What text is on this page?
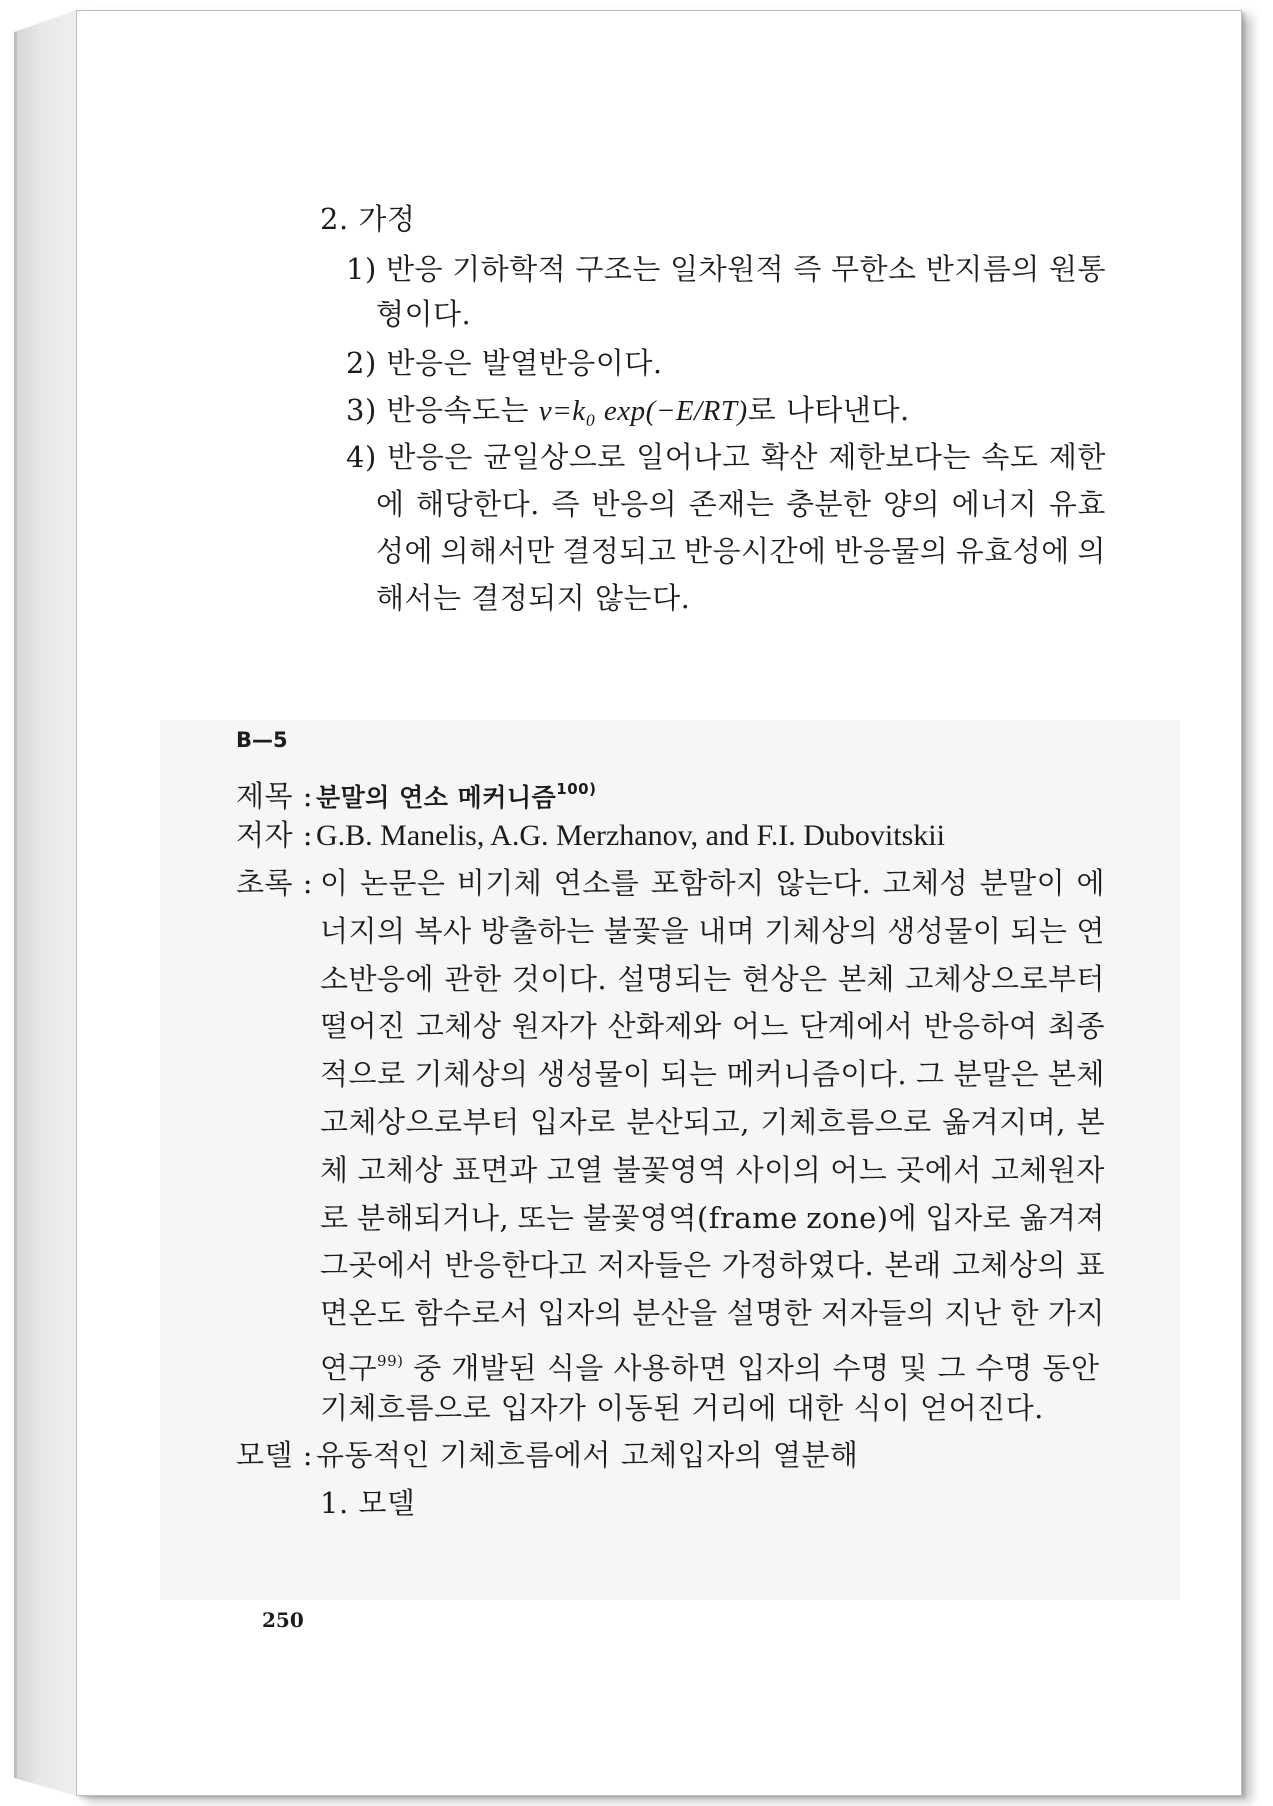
2. 가정
1) 반응 기하학적 구조는 일차원적 즉 무한소 반지름의 원통
형이다.
2) 반응은 발열반응이다.
3) 반응속도는 v=k₀ exp(−E/RT)로 나타낸다.
4) 반응은 균일상으로 일어나고 확산 제한보다는 속도 제한
에 해당한다. 즉 반응의 존재는 충분한 양의 에너지 유효
성에 의해서만 결정되고 반응시간에 반응물의 유효성에 의
해서는 결정되지 않는다.
B—5
제목 : 분말의 연소 메커니즘$^{100)}$
저자 :G.B. Manelis, A.G. Merzhanov, and F.I. Dubovitskii
초록 : 이 논문은 비기체 연소를 포함하지 않는다. 고체성 분말이 에
너지의 복사 방출하는 불꽃을 내며 기체상의 생성물이 되는 연
소반응에 관한 것이다. 설명되는 현상은 본체 고체상으로부터
떨어진 고체상 원자가 산화제와 어느 단계에서 반응하여 최종
적으로 기체상의 생성물이 되는 메커니즘이다. 그 분말은 본체
고체상으로부터 입자로 분산되고, 기체흐름으로 옮겨지며, 본
체 고체상 표면과 고열 불꽃영역 사이의 어느 곳에서 고체원자
로 분해되거나, 또는 불꽃영역(frame zone)에 입자로 옮겨져
그곳에서 반응한다고 저자들은 가정하였다. 본래 고체상의 표
면온도 함수로서 입자의 분산을 설명한 저자들의 지난 한 가지
연구$^{99)}$ 중 개발된 식을 사용하면 입자의 수명 및 그 수명 동안
기체흐름으로 입자가 이동된 거리에 대한 식이 얻어진다.
모델 : 유동적인 기체흐름에서 고체입자의 열분해
1. 모델
250
